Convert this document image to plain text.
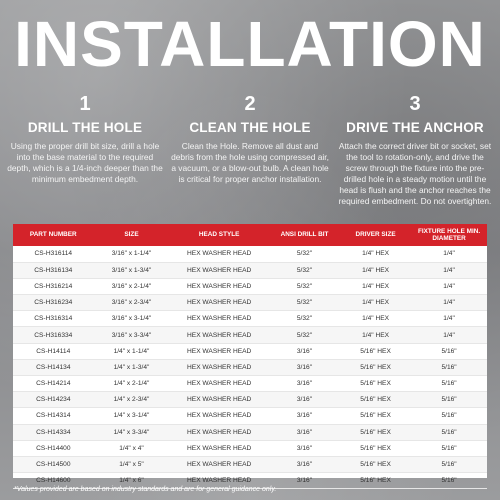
INSTALLATION
1
DRILL THE HOLE
Using the proper drill bit size, drill a hole into the base material to the required depth, which is a 1/4-inch deeper than the minimum embedment depth.
2
CLEAN THE HOLE
Clean the Hole. Remove all dust and debris from the hole using compressed air, a vacuum, or a blow-out bulb. A clean hole is critical for proper anchor installation.
3
DRIVE THE ANCHOR
Attach the correct driver bit or socket, set the tool to rotation-only, and drive the screw through the fixture into the pre-drilled hole in a steady motion until the head is flush and the anchor reaches the required embedment. Do not overtighten.
PART NUMBER	SIZE	HEAD STYLE	ANSI DRILL BIT	DRIVER SIZE	FIXTURE HOLE MIN. DIAMETER
CS-H316114	3/16" x 1-1/4"	HEX WASHER HEAD	5/32"	1/4" HEX	1/4"
CS-H316134	3/16" x 1-3/4"	HEX WASHER HEAD	5/32"	1/4" HEX	1/4"
CS-H316214	3/16" x 2-1/4"	HEX WASHER HEAD	5/32"	1/4" HEX	1/4"
CS-H316234	3/16" x 2-3/4"	HEX WASHER HEAD	5/32"	1/4" HEX	1/4"
CS-H316314	3/16" x 3-1/4"	HEX WASHER HEAD	5/32"	1/4" HEX	1/4"
CS-H316334	3/16" x 3-3/4"	HEX WASHER HEAD	5/32"	1/4" HEX	1/4"
CS-H14114	1/4" x 1-1/4"	HEX WASHER HEAD	3/16"	5/16" HEX	5/16"
CS-H14134	1/4" x 1-3/4"	HEX WASHER HEAD	3/16"	5/16" HEX	5/16"
CS-H14214	1/4" x 2-1/4"	HEX WASHER HEAD	3/16"	5/16" HEX	5/16"
CS-H14234	1/4" x 2-3/4"	HEX WASHER HEAD	3/16"	5/16" HEX	5/16"
CS-H14314	1/4" x 3-1/4"	HEX WASHER HEAD	3/16"	5/16" HEX	5/16"
CS-H14334	1/4" x 3-3/4"	HEX WASHER HEAD	3/16"	5/16" HEX	5/16"
CS-H14400	1/4" x 4"	HEX WASHER HEAD	3/16"	5/16" HEX	5/16"
CS-H14500	1/4" x 5"	HEX WASHER HEAD	3/16"	5/16" HEX	5/16"
CS-H14600	1/4" x 6"	HEX WASHER HEAD	3/16"	5/16" HEX	5/16"
*Values provided are based on industry standards and are for general guidance only.
